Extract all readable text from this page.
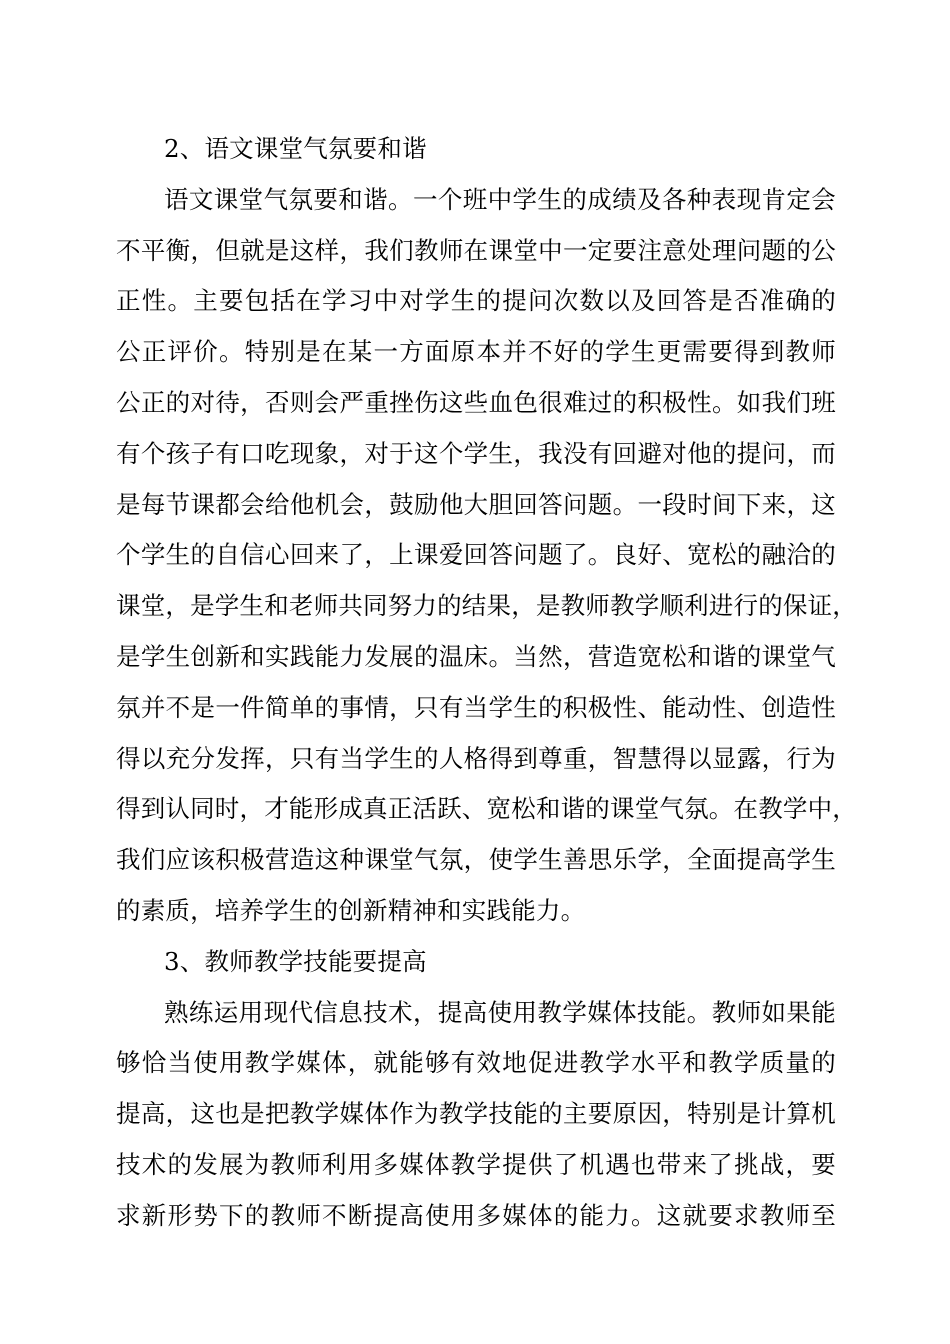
2、语文课堂气氛要和谐
语文课堂气氛要和谐。一个班中学生的成绩及各种表现肯定会
不平衡，但就是这样，我们教师在课堂中一定要注意处理问题的公
正性。主要包括在学习中对学生的提问次数以及回答是否准确的
公正评价。特别是在某一方面原本并不好的学生更需要得到教师
公正的对待，否则会严重挫伤这些血色很难过的积极性。如我们班
有个孩子有口吃现象，对于这个学生，我没有回避对他的提问，而
是每节课都会给他机会，鼓励他大胆回答问题。一段时间下来，这
个学生的自信心回来了，上课爱回答问题了。良好、宽松的融洽的
课堂，是学生和老师共同努力的结果，是教师教学顺利进行的保证，
是学生创新和实践能力发展的温床。当然，营造宽松和谐的课堂气
氛并不是一件简单的事情，只有当学生的积极性、能动性、创造性
得以充分发挥，只有当学生的人格得到尊重，智慧得以显露，行为
得到认同时，才能形成真正活跃、宽松和谐的课堂气氛。在教学中，
我们应该积极营造这种课堂气氛，使学生善思乐学，全面提高学生
的素质，培养学生的创新精神和实践能力。
3、教师教学技能要提高
熟练运用现代信息技术，提高使用教学媒体技能。教师如果能
够恰当使用教学媒体，就能够有效地促进教学水平和教学质量的
提高，这也是把教学媒体作为教学技能的主要原因，特别是计算机
技术的发展为教师利用多媒体教学提供了机遇也带来了挑战，要
求新形势下的教师不断提高使用多媒体的能力。这就要求教师至
